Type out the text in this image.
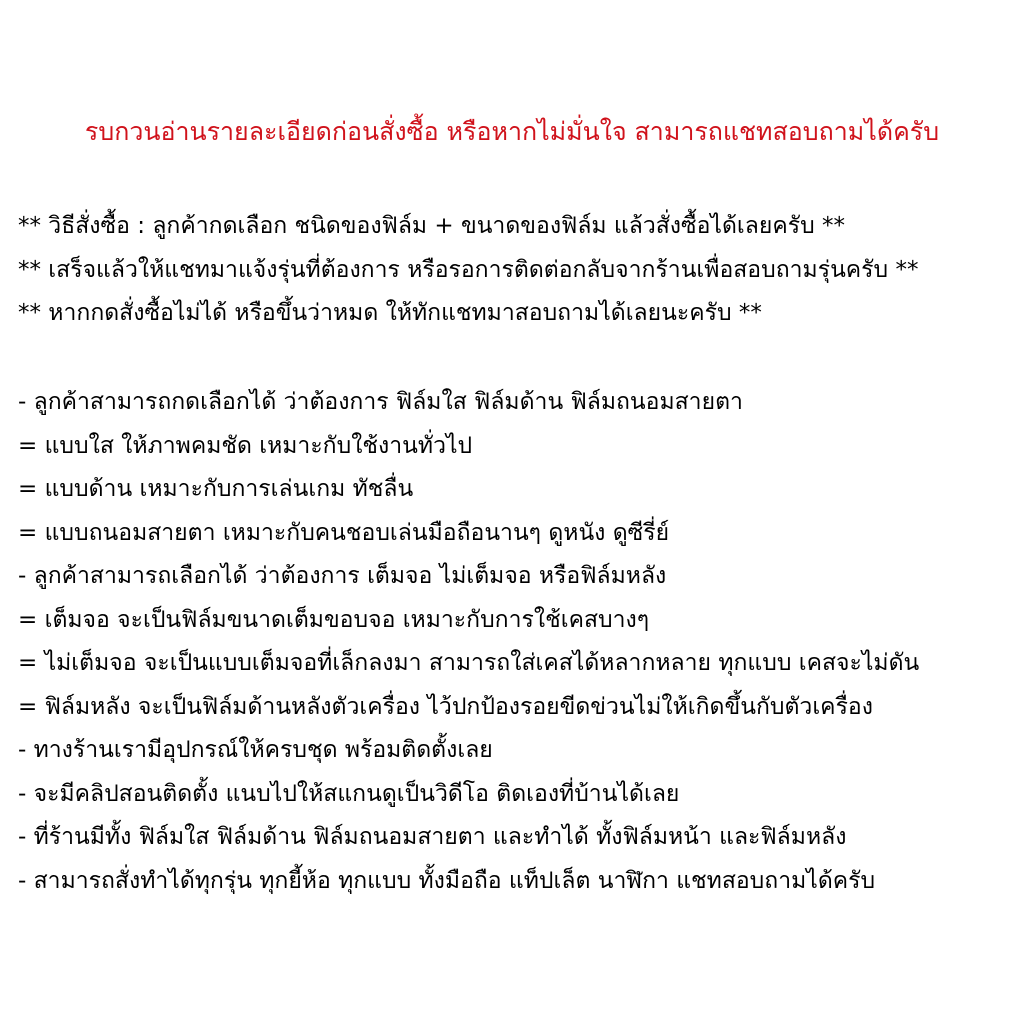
รบกวนอ่านรายละเอียดก่อนสั่งซื้อ หรือหากไม่มั่นใจ สามารถแชทสอบถามได้ครับ
** วิธีสั่งซื้อ : ลูกค้ากดเลือก ชนิดของฟิล์ม + ขนาดของฟิล์ม แล้วสั่งซื้อได้เลยครับ **
** เสร็จแล้วให้แชทมาแจ้งรุ่นที่ต้องการ หรือรอการติดต่อกลับจากร้านเพื่อสอบถามรุ่นครับ **
** หากกดสั่งซื้อไม่ได้ หรือขึ้นว่าหมด ให้ทักแชทมาสอบถามได้เลยนะครับ **
- ลูกค้าสามารถกดเลือกได้ ว่าต้องการ ฟิล์มใส ฟิล์มด้าน ฟิล์มถนอมสายตา
= แบบใส ให้ภาพคมชัด เหมาะกับใช้งานทั่วไป
= แบบด้าน เหมาะกับการเล่นเกม ทัชลื่น
= แบบถนอมสายตา เหมาะกับคนชอบเล่นมือถือนานๆ ดูหนัง ดูซีรี่ย์
- ลูกค้าสามารถเลือกได้ ว่าต้องการ เต็มจอ ไม่เต็มจอ หรือฟิล์มหลัง
= เต็มจอ จะเป็นฟิล์มขนาดเต็มขอบจอ เหมาะกับการใช้เคสบางๆ
= ไม่เต็มจอ จะเป็นแบบเต็มจอที่เล็กลงมา สามารถใส่เคสได้หลากหลาย ทุกแบบ เคสจะไม่ดัน
= ฟิล์มหลัง จะเป็นฟิล์มด้านหลังตัวเครื่อง ไว้ปกป้องรอยขีดข่วนไม่ให้เกิดขึ้นกับตัวเครื่อง
- ทางร้านเรามีอุปกรณ์ให้ครบชุด พร้อมติดตั้งเลย
- จะมีคลิปสอนติดตั้ง แนบไปให้สแกนดูเป็นวิดีโอ ติดเองที่บ้านได้เลย
- ที่ร้านมีทั้ง ฟิล์มใส ฟิล์มด้าน ฟิล์มถนอมสายตา และทำได้ ทั้งฟิล์มหน้า และฟิล์มหลัง
- สามารถสั่งทำได้ทุกรุ่น ทุกยี้ห้อ ทุกแบบ ทั้งมือถือ แท็ปเล็ต นาฬิกา แชทสอบถามได้ครับ
